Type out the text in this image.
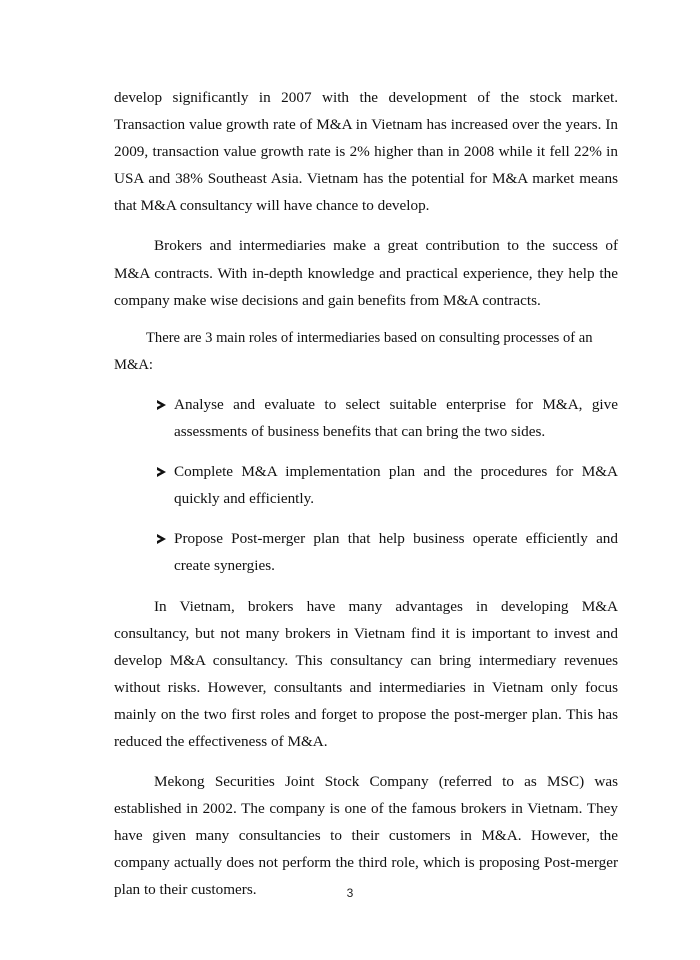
develop significantly in 2007 with the development of the stock market. Transaction value growth rate of M&A in Vietnam has increased over the years. In 2009, transaction value growth rate is 2% higher than in 2008 while it fell 22% in USA and 38% Southeast Asia. Vietnam has the potential for M&A market means that M&A consultancy will have chance to develop.

Brokers and intermediaries make a great contribution to the success of M&A contracts. With in-depth knowledge and practical experience, they help the company make wise decisions and gain benefits from M&A contracts.

There are 3 main roles of intermediaries based on consulting processes of an M&A:

Analyse and evaluate to select suitable enterprise for M&A, give assessments of business benefits that can bring the two sides.
Complete M&A implementation plan and the procedures for M&A quickly and efficiently.
Propose Post-merger plan that help business operate efficiently and create synergies.

In Vietnam, brokers have many advantages in developing M&A consultancy, but not many brokers in Vietnam find it is important to invest and develop M&A consultancy. This consultancy can bring intermediary revenues without risks. However, consultants and intermediaries in Vietnam only focus mainly on the two first roles and forget to propose the post-merger plan. This has reduced the effectiveness of M&A.

Mekong Securities Joint Stock Company (referred to as MSC) was established in 2002. The company is one of the famous brokers in Vietnam. They have given many consultancies to their customers in M&A. However, the company actually does not perform the third role, which is proposing Post-merger plan to their customers.	3
